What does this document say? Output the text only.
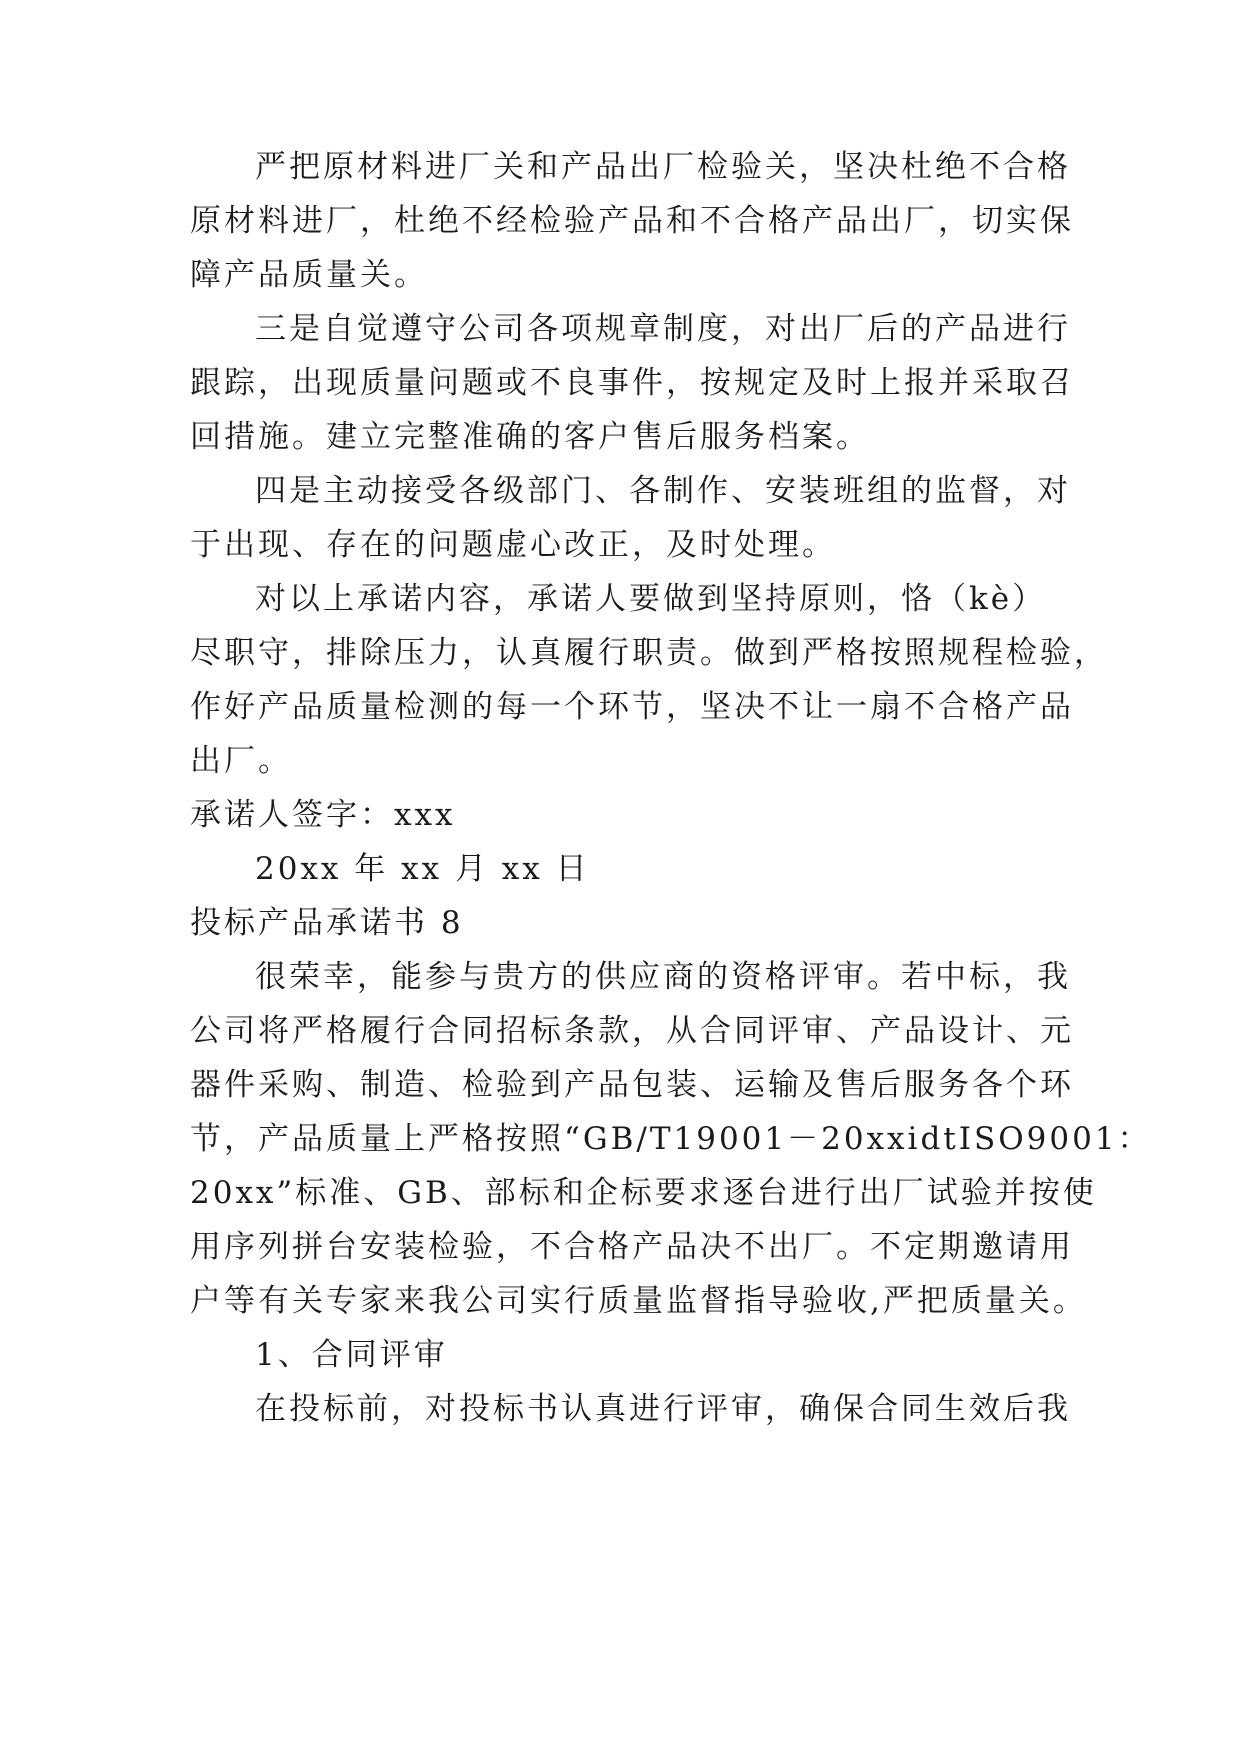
严把原材料进厂关和产品出厂检验关，坚决杜绝不合格
原材料进厂，杜绝不经检验产品和不合格产品出厂，切实保
障产品质量关。
三是自觉遵守公司各项规章制度，对出厂后的产品进行
跟踪，出现质量问题或不良事件，按规定及时上报并采取召
回措施。建立完整准确的客户售后服务档案。
四是主动接受各级部门、各制作、安装班组的监督，对
于出现、存在的问题虚心改正，及时处理。
对以上承诺内容，承诺人要做到坚持原则，恪（kè）
尽职守，排除压力，认真履行职责。做到严格按照规程检验，
作好产品质量检测的每一个环节，坚决不让一扇不合格产品
出厂。
承诺人签字：xxx
20xx 年 xx 月 xx 日
投标产品承诺书 8
很荣幸，能参与贵方的供应商的资格评审。若中标，我
公司将严格履行合同招标条款，从合同评审、产品设计、元
器件采购、制造、检验到产品包装、运输及售后服务各个环
节，产品质量上严格按照“GB/T19001－20xxidtISO9001：
20xx”标准、GB、部标和企标要求逐台进行出厂试验并按使
用序列拼台安装检验，不合格产品决不出厂。不定期邀请用
户等有关专家来我公司实行质量监督指导验收,严把质量关。
1、合同评审
在投标前，对投标书认真进行评审，确保合同生效后我
